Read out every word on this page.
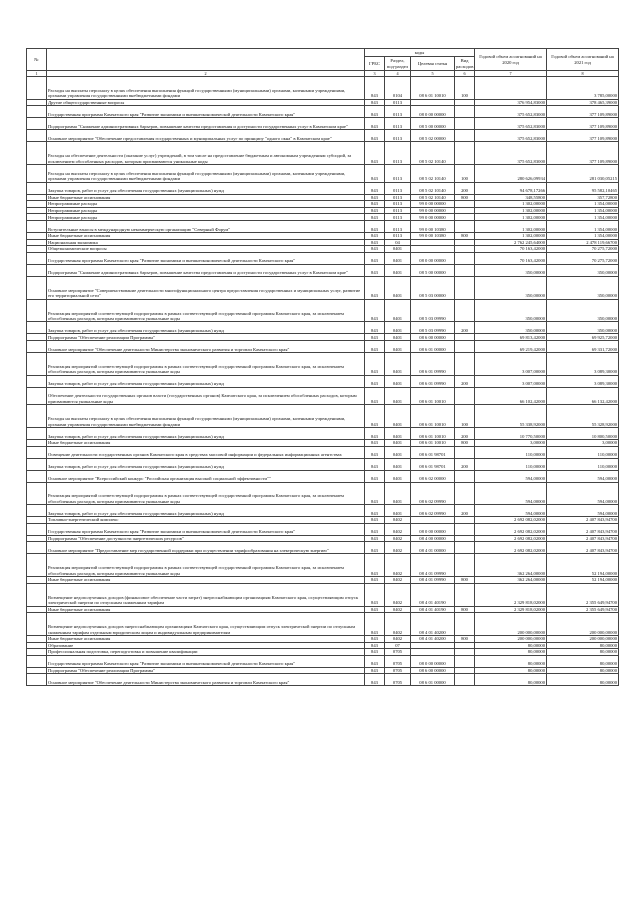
№		коды				Годовой объем ассигнований на 2020 год	Годовой объем ассигнований на 2021 год
		ГРБС	Раздел, под-раздел	Целевая статья	Вид расходов		
1	2	3	4	5	6	7	8
	Расходы на выплаты персоналу в целях обеспечения выполнения функций государственными (муниципальными) органами, казенными учреждениями, органами управления государственными внебюджетными фондами	843	0104	08 6 01 10010	100		3 785,00000
	Другие общегосударственные вопросы	843	0113			376 954,83000	378 465,39000
	Государственная программа Камчатского края "Развитие экономики и внешнеэкономической деятельности Камчатского края"	843	0113	08 0 00 00000		375 652,83000	377 109,89000
	Подпрограмма "Снижение административных барьеров, повышение качества предоставления и доступности государственных услуг в Камчатском крае"	843	0113	08 5 00 00000		375 652,83000	377 109,89000
	Основное мероприятие "Обеспечение предоставления государственных и муниципальных услуг по принципу "одного окна" в Камчатском крае"	843	0113	08 5 02 00000		375 652,83000	377 109,89000
	Расходы на обеспечение деятельности (оказание услуг) учреждений, в том числе на предоставление бюджетным и автономным учреждениям субсидий, за исключением обособленных расходов, которым присваиваются уникальные коды	843	0113	08 5 02 10140		375 652,83000	377 109,89000
	Расходы на выплаты персоналу в целях обеспечения выполнения функций государственными (муниципальными) органами, казенными учреждениями, органами управления государственными внебюджетными фондами	843	0113	08 5 02 10140	100	280 626,09934	281 030,05215
	Закупка товаров, работ и услуг для обеспечения государственных (муниципальных) нужд	843	0113	08 5 02 10140	200	94 678,17266	95 582,10465
	Иные бюджетные ассигнования	843	0113	08 5 02 10140	800	348,55800	357,72800
	Непрограммные расходы	843	0113	99 0 00 00000		1 302,00000	1 354,00000
	Непрограммные расходы	843	0113	99 0 00 00000		1 302,00000	1 354,00000
	Непрограммные расходы	843	0113	99 0 00 00000		1 302,00000	1 354,00000
	Вступительные взносы в международную некоммерческую организацию "Северный Форум"	843	0113	99 0 00 10380		1 302,00000	1 354,00000
	Иные бюджетные ассигнования	843	0113	99 0 00 10380	800	1 302,00000	1 354,00000
	Национальная экономика	843	04			2 762 245,64000	2 478 119,66700
	Общеэкономические вопросы	843	0401			70 163,42000	70 275,72000
	Государственная программа Камчатского края "Развитие экономики и внешнеэкономической деятельности Камчатского края"	843	0401	08 0 00 00000		70 163,42000	70 275,72000
	Подпрограмма "Снижение административных барьеров, повышение качества предоставления и доступности государственных услуг в Камчатском крае"	843	0401	08 5 00 00000		350,00000	350,00000
	Основное мероприятие "Совершенствование деятельности многофункционального центра предоставления государственных и муниципальных услуг, развитие его территориальной сети"	843	0401	08 5 03 00000		350,00000	350,00000
	Реализация мероприятий соответствующей подпрограммы в рамках соответствующей государственной программы Камчатского края, за исключением обособленных расходов, которым присваиваются уникальные коды	843	0401	08 5 03 09990		350,00000	350,00000
	Закупка товаров, работ и услуг для обеспечения государственных (муниципальных) нужд	843	0401	08 5 03 09990	200	350,00000	350,00000
	Подпрограмма "Обеспечение реализации Программы"	843	0401	08 6 00 00000		69 813,42000	69 925,72000
	Основное мероприятие "Обеспечение деятельности Министерства экономического развития и торговли Камчатского края"	843	0401	08 6 01 00000		69 219,42000	69 331,72000
	Реализация мероприятий соответствующей подпрограммы в рамках соответствующей государственной программы Камчатского края, за исключением обособленных расходов, которым присваиваются уникальные коды	843	0401	08 6 01 09990		3 007,00000	3 089,30000
	Закупка товаров, работ и услуг для обеспечения государственных (муниципальных) нужд	843	0401	08 6 01 09990	200	3 007,00000	3 089,30000
	Обеспечение деятельности государственных органов власти (государственных органов) Камчатского края, за исключением обособленных расходов, которым присваиваются уникальные коды	843	0401	08 6 01 10010		66 102,42000	66 132,42000
	Расходы на выплаты персоналу в целях обеспечения выполнения функций государственными (муниципальными) органами, казенными учреждениями, органами управления государственными внебюджетными фондами	843	0401	08 6 01 10010	100	55 338,92000	55 328,92000
	Закупка товаров, работ и услуг для обеспечения государственных (муниципальных) нужд	843	0401	08 6 01 10010	200	10 770,50000	10 800,50000
	Иные бюджетные ассигнования	843	0401	08 6 01 10010	800	3,00000	3,00000
	Освещение деятельности государственных органов Камчатского края в средствах массовой информации и федеральных информационных агентствах	843	0401	08 6 01 98701		110,00000	110,00000
	Закупка товаров, работ и услуг для обеспечения государственных (муниципальных) нужд	843	0401	08 6 01 98701	200	110,00000	110,00000
	Основное мероприятие "Всероссийский конкурс "Российская организация высокой социальной эффективности""	843	0401	08 6 02 00000		594,00000	594,00000
	Реализация мероприятий соответствующей подпрограммы в рамках соответствующей государственной программы Камчатского края, за исключением обособленных расходов, которым присваиваются уникальные коды	843	0401	08 6 02 09990		594,00000	594,00000
	Закупка товаров, работ и услуг для обеспечения государственных (муниципальных) нужд	843	0401	08 6 02 09990	200	594,00000	594,00000
	Топливно-энергетический комплекс	843	0402			2 692 082,02000	2 407 843,94700
	Государственная программа Камчатского края "Развитие экономики и внешнеэкономической деятельности Камчатского края"	843	0402	08 0 00 00000		2 692 082,02000	2 407 843,94700
	Подпрограмма "Обеспечение доступности энергетических ресурсов"	843	0402	08 4 00 00000		2 692 082,02000	2 407 843,94700
	Основное мероприятие "Предоставление мер государственной поддержки при осуществлении тарифообразования на электрическую энергию"	843	0402	08 4 01 00000		2 692 082,02000	2 407 843,94700
	Реализация мероприятий соответствующей подпрограммы в рамках соответствующей государственной программы Камчатского края, за исключением обособленных расходов, которым присваиваются уникальные коды	843	0402	08 4 01 09990		362 264,00000	52 194,00000
	Иные бюджетные ассигнования	843	0402	08 4 01 09990	800	362 264,00000	52 194,00000
	Возмещение недополученных доходов (финансовое обеспечение части затрат) энергоснабжающим организациям Камчатского края, осуществляющим отпуск электрической энергии по отпускным сниженным тарифам	843	0402	08 4 01 40190		2 329 818,02000	2 355 649,94700
	Иные бюджетные ассигнования	843	0402	08 4 01 40190	800	2 329 818,02000	2 355 649,94700
	Возмещение недополученных доходов энергоснабжающим организациям Камчатского края, осуществляющим отпуск электрической энергии по отпускным сниженным тарифам отдельным юридическим лицам и индивидуальным предпринимателям	843	0402	08 4 01 40200		200 000,00000	200 000,00000
	Иные бюджетные ассигнования	843	0402	08 4 01 40200	800	200 000,00000	200 000,00000
	Образование	843	07			80,00000	80,00000
	Профессиональная подготовка, переподготовка и повышение квалификации	843	0705			80,00000	80,00000
	Государственная программа Камчатского края "Развитие экономики и внешнеэкономической деятельности Камчатского края"	843	0705	08 0 00 00000		80,00000	80,00000
	Подпрограмма "Обеспечение реализации Программы"	843	0705	08 6 00 00000		80,00000	80,00000
	Основное мероприятие "Обеспечение деятельности Министерства экономического развития и торговли Камчатского края"	843	0705	08 6 01 00000		80,00000	80,00000
